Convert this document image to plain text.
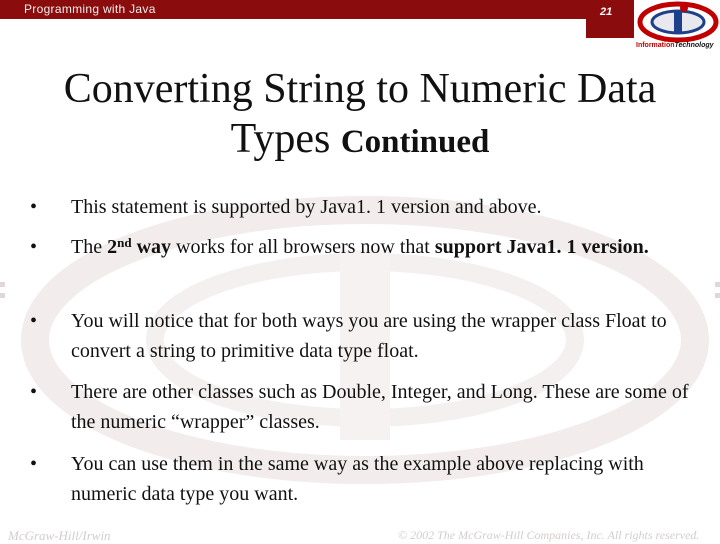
Programming with Java	21
InformationTechnology
Converting String to Numeric Data Types Continued
• This statement is supported by Java1. 1 version and above.
• The 2nd way works for all browsers now that support Java1. 1 version.
• You will notice that for both ways you are using the wrapper class Float to convert a string to primitive data type float.
• There are other classes such as Double, Integer, and Long. These are some of the numeric “wrapper” classes.
• You can use them in the same way as the example above replacing with numeric data type you want.
McGraw-Hill/Irwin	© 2002 The McGraw-Hill Companies, Inc. All rights reserved.
